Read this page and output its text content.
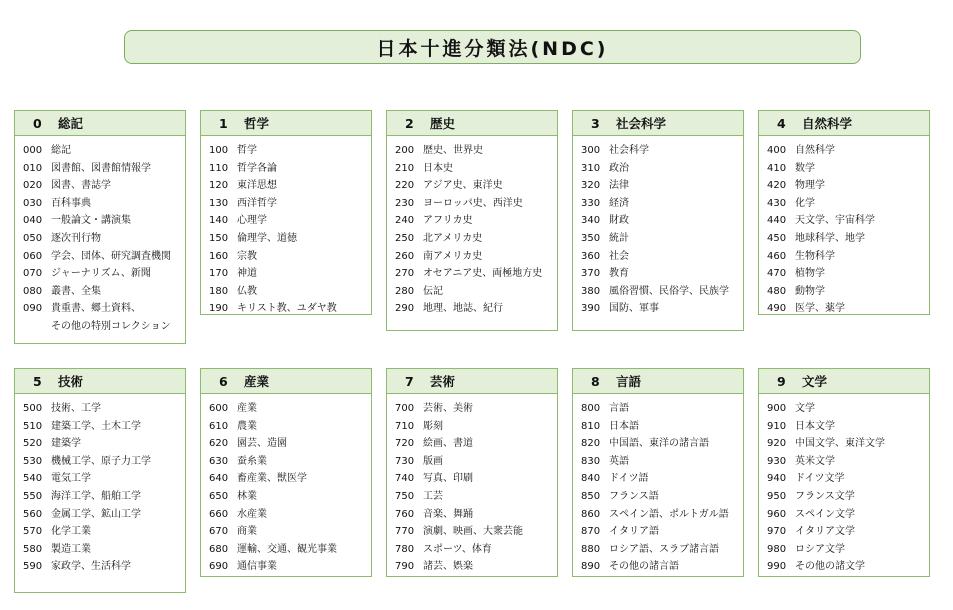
日本十進分類法(NDC)
0	総記
000 総記
010 図書館、図書館情報学
020 図書、書誌学
030 百科事典
040 一般論文・講演集
050 逐次刊行物
060 学会、団体、研究調査機関
070 ジャーナリズム、新聞
080 叢書、全集
090 貴重書、郷土資料、
その他の特別コレクション
1	哲学
100 哲学
110 哲学各論
120 東洋思想
130 西洋哲学
140 心理学
150 倫理学、道徳
160 宗教
170 神道
180 仏教
190 キリスト教、ユダヤ教
2	歴史
200 歴史、世界史
210 日本史
220 アジア史、東洋史
230 ヨーロッパ史、西洋史
240 アフリカ史
250 北アメリカ史
260 南アメリカ史
270 オセアニア史、両極地方史
280 伝記
290 地理、地誌、紀行
3	社会科学
300 社会科学
310 政治
320 法律
330 経済
340 財政
350 統計
360 社会
370 教育
380 風俗習慣、民俗学、民族学
390 国防、軍事
4	自然科学
400 自然科学
410 数学
420 物理学
430 化学
440 天文学、宇宙科学
450 地球科学、地学
460 生物科学
470 植物学
480 動物学
490 医学、薬学
5	技術
500 技術、工学
510 建築工学、土木工学
520 建築学
530 機械工学、原子力工学
540 電気工学
550 海洋工学、船舶工学
560 金属工学、鉱山工学
570 化学工業
580 製造工業
590 家政学、生活科学
6	産業
600 産業
610 農業
620 園芸、造園
630 蚕糸業
640 畜産業、獣医学
650 林業
660 水産業
670 商業
680 運輸、交通、観光事業
690 通信事業
7	芸術
700 芸術、美術
710 彫刻
720 絵画、書道
730 版画
740 写真、印刷
750 工芸
760 音楽、舞踊
770 演劇、映画、大衆芸能
780 スポーツ、体育
790 諸芸、娯楽
8	言語
800 言語
810 日本語
820 中国語、東洋の諸言語
830 英語
840 ドイツ語
850 フランス語
860 スペイン語、ポルトガル語
870 イタリア語
880 ロシア語、スラブ諸言語
890 その他の諸言語
9	文学
900 文学
910 日本文学
920 中国文学、東洋文学
930 英米文学
940 ドイツ文学
950 フランス文学
960 スペイン文学
970 イタリア文学
980 ロシア文学
990 その他の諸文学
